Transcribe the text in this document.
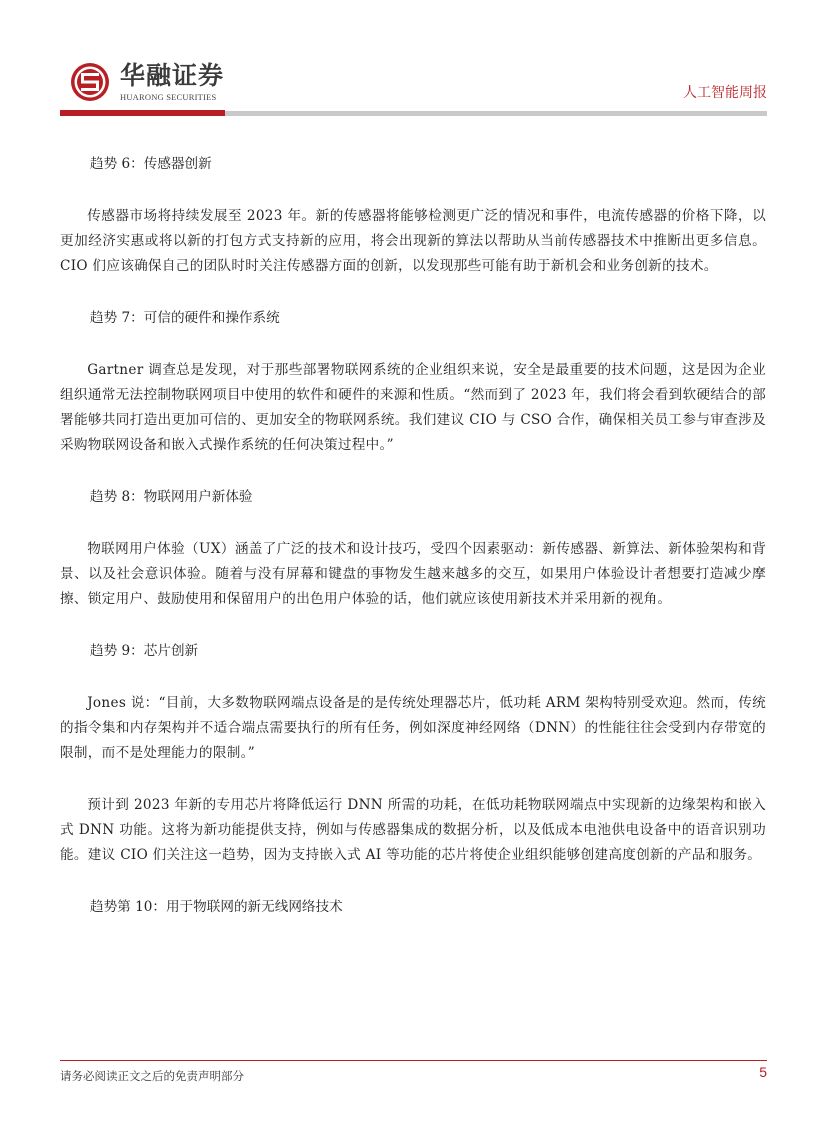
华融证券
HUARONG SECURITIES	人工智能周报

趋势 6：传感器创新

传感器市场将持续发展至 2023 年。新的传感器将能够检测更广泛的情况和事件，电流传感器的价格下降，以更加经济实惠或将以新的打包方式支持新的应用，将会出现新的算法以帮助从当前传感器技术中推断出更多信息。CIO 们应该确保自己的团队时时关注传感器方面的创新，以发现那些可能有助于新机会和业务创新的技术。

趋势 7：可信的硬件和操作系统

Gartner 调查总是发现，对于那些部署物联网系统的企业组织来说，安全是最重要的技术问题，这是因为企业组织通常无法控制物联网项目中使用的软件和硬件的来源和性质。“然而到了 2023 年，我们将会看到软硬结合的部署能够共同打造出更加可信的、更加安全的物联网系统。我们建议 CIO 与 CSO 合作，确保相关员工参与审查涉及采购物联网设备和嵌入式操作系统的任何决策过程中。”

趋势 8：物联网用户新体验

物联网用户体验（UX）涵盖了广泛的技术和设计技巧，受四个因素驱动：新传感器、新算法、新体验架构和背景、以及社会意识体验。随着与没有屏幕和键盘的事物发生越来越多的交互，如果用户体验设计者想要打造减少摩擦、锁定用户、鼓励使用和保留用户的出色用户体验的话，他们就应该使用新技术并采用新的视角。

趋势 9：芯片创新

Jones 说：“目前，大多数物联网端点设备是的是传统处理器芯片，低功耗 ARM 架构特别受欢迎。然而，传统的指令集和内存架构并不适合端点需要执行的所有任务，例如深度神经网络（DNN）的性能往往会受到内存带宽的限制，而不是处理能力的限制。”

预计到 2023 年新的专用芯片将降低运行 DNN 所需的功耗，在低功耗物联网端点中实现新的边缘架构和嵌入式 DNN 功能。这将为新功能提供支持，例如与传感器集成的数据分析，以及低成本电池供电设备中的语音识别功能。建议 CIO 们关注这一趋势，因为支持嵌入式 AI 等功能的芯片将使企业组织能够创建高度创新的产品和服务。

趋势第 10：用于物联网的新无线网络技术

请务必阅读正文之后的免责声明部分	5
